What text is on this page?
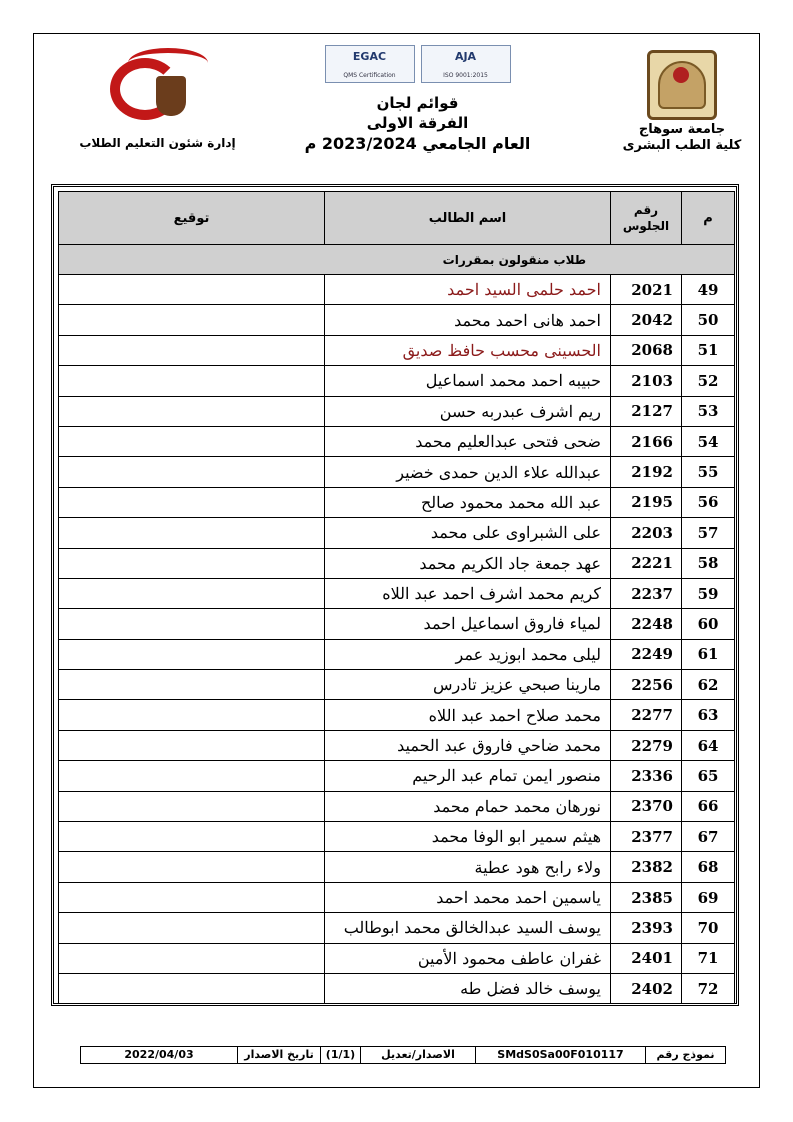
جامعة سوهاج
كلية الطب البشرى
EGAC
QMS Certification
AJA
ISO 9001:2015
قوائم لجان
الفرقة الاولى
العام الجامعي 2023/2024 م
إدارة شئون التعليم الطلاب
م	رقم الجلوس	اسم الطالب	توقيع
طلاب منقولون بمقررات			
49	2021	احمد حلمى السيد احمد	
50	2042	احمد هانى احمد محمد	
51	2068	الحسينى محسب حافظ صديق	
52	2103	حبيبه احمد محمد اسماعيل	
53	2127	ريم اشرف عبدربه حسن	
54	2166	ضحى فتحى عبدالعليم محمد	
55	2192	عبدالله علاء الدين حمدى خضير	
56	2195	عبد الله محمد محمود صالح	
57	2203	على الشبراوى على محمد	
58	2221	عهد جمعة جاد الكريم محمد	
59	2237	كريم محمد اشرف احمد عبد اللاه	
60	2248	لمياء فاروق اسماعيل احمد	
61	2249	ليلى محمد ابوزيد عمر	
62	2256	مارينا صبحي عزيز تادرس	
63	2277	محمد صلاح احمد عبد اللاه	
64	2279	محمد ضاحي فاروق عبد الحميد	
65	2336	منصور ايمن تمام عبد الرحيم	
66	2370	نورهان محمد حمام محمد	
67	2377	هيثم سمير ابو الوفا محمد	
68	2382	ولاء رابح هود عطية	
69	2385	ياسمين احمد محمد احمد	
70	2393	يوسف السيد عبدالخالق محمد ابوطالب	
71	2401	غفران عاطف محمود الأمين	
72	2402	يوسف خالد فضل طه	
نموذج رقم
SMdS0Sa00F010117
الاصدار/تعديل
(1/1)
تاريخ الاصدار
2022/04/03
